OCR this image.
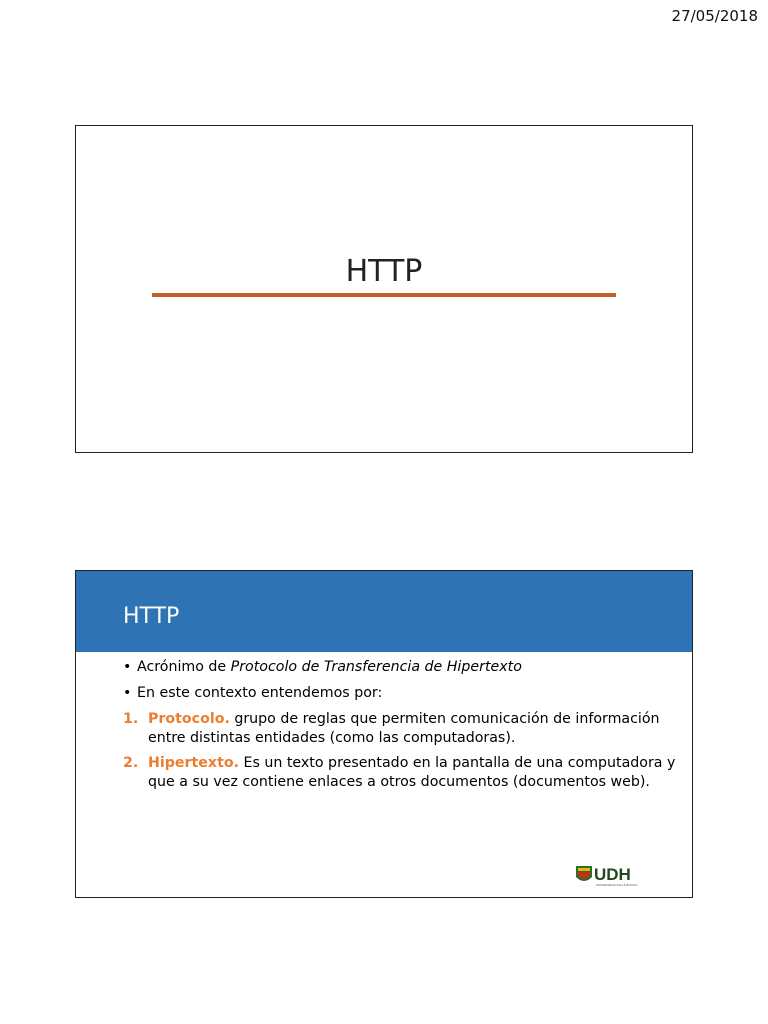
27/05/2018
HTTP
HTTP
• Acrónimo de Protocolo de Transferencia de Hipertexto
• En este contexto entendemos por:
1. Protocolo. grupo de reglas que permiten comunicación de información entre distintas entidades (como las computadoras).
2. Hipertexto. Es un texto presentado en la pantalla de una computadora y que a su vez contiene enlaces a otros documentos (documentos web).
UDH
UNIVERSIDAD DE HUÁNUCO
